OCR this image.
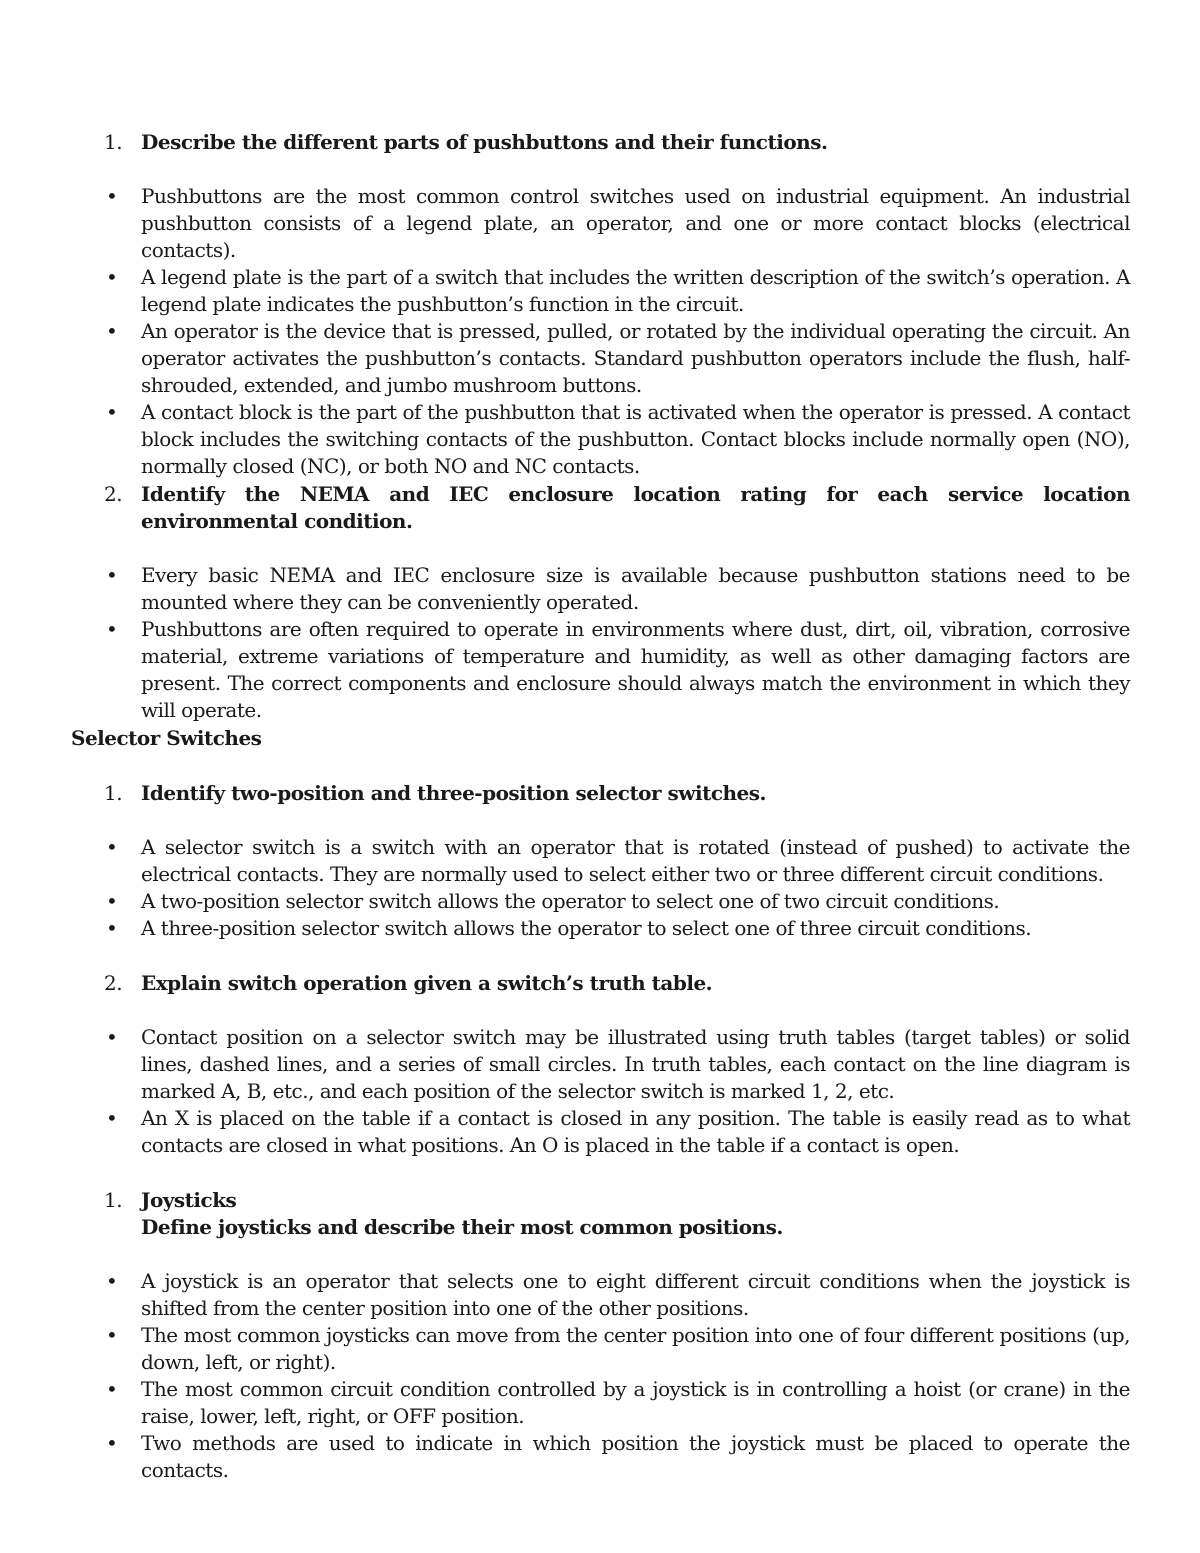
1. Describe the different parts of pushbuttons and their functions.
• Pushbuttons are the most common control switches used on industrial equipment. An industrial pushbutton consists of a legend plate, an operator, and one or more contact blocks (electrical contacts).
• A legend plate is the part of a switch that includes the written description of the switch’s operation. A legend plate indicates the pushbutton’s function in the circuit.
• An operator is the device that is pressed, pulled, or rotated by the individual operating the circuit. An operator activates the pushbutton’s contacts. Standard pushbutton operators include the flush, half-shrouded, extended, and jumbo mushroom buttons.
• A contact block is the part of the pushbutton that is activated when the operator is pressed. A contact block includes the switching contacts of the pushbutton. Contact blocks include normally open (NO), normally closed (NC), or both NO and NC contacts.
2. Identify the NEMA and IEC enclosure location rating for each service location environmental condition.
• Every basic NEMA and IEC enclosure size is available because pushbutton stations need to be mounted where they can be conveniently operated.
• Pushbuttons are often required to operate in environments where dust, dirt, oil, vibration, corrosive material, extreme variations of temperature and humidity, as well as other damaging factors are present. The correct components and enclosure should always match the environment in which they will operate.
Selector Switches
1. Identify two-position and three-position selector switches.
• A selector switch is a switch with an operator that is rotated (instead of pushed) to activate the electrical contacts. They are normally used to select either two or three different circuit conditions.
• A two-position selector switch allows the operator to select one of two circuit conditions.
• A three-position selector switch allows the operator to select one of three circuit conditions.
2. Explain switch operation given a switch’s truth table.
• Contact position on a selector switch may be illustrated using truth tables (target tables) or solid lines, dashed lines, and a series of small circles. In truth tables, each contact on the line diagram is marked A, B, etc., and each position of the selector switch is marked 1, 2, etc.
• An X is placed on the table if a contact is closed in any position. The table is easily read as to what contacts are closed in what positions. An O is placed in the table if a contact is open.
1. Joysticks
Define joysticks and describe their most common positions.
• A joystick is an operator that selects one to eight different circuit conditions when the joystick is shifted from the center position into one of the other positions.
• The most common joysticks can move from the center position into one of four different positions (up, down, left, or right).
• The most common circuit condition controlled by a joystick is in controlling a hoist (or crane) in the raise, lower, left, right, or OFF position.
• Two methods are used to indicate in which position the joystick must be placed to operate the contacts.
